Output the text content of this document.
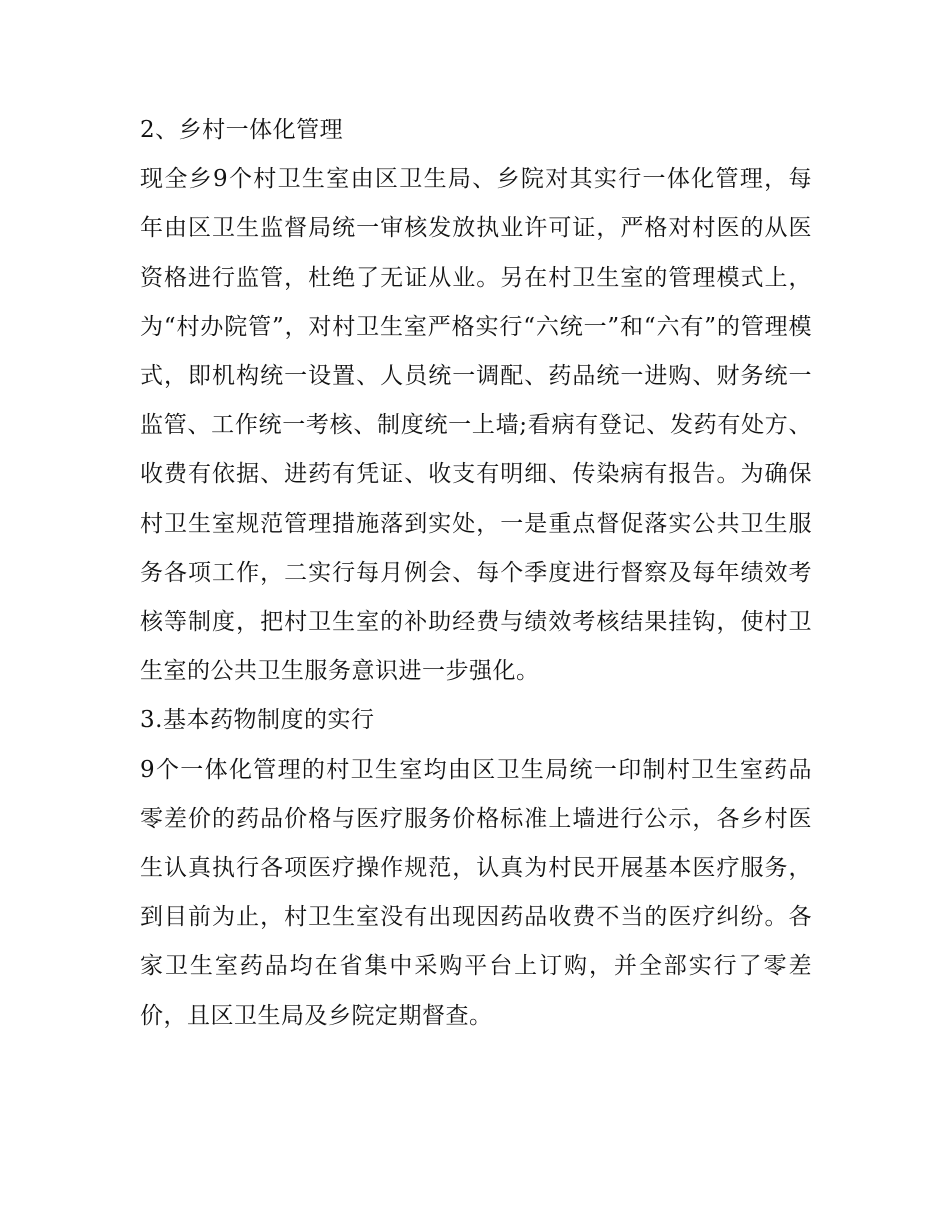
2、乡村一体化管理

现全乡9个村卫生室由区卫生局、乡院对其实行一体化管理，每年由区卫生监督局统一审核发放执业许可证，严格对村医的从医资格进行监管，杜绝了无证从业。另在村卫生室的管理模式上，为“村办院管”，对村卫生室严格实行“六统一”和“六有”的管理模式，即机构统一设置、人员统一调配、药品统一进购、财务统一监管、工作统一考核、制度统一上墙;看病有登记、发药有处方、收费有依据、进药有凭证、收支有明细、传染病有报告。为确保村卫生室规范管理措施落到实处，一是重点督促落实公共卫生服务各项工作，二实行每月例会、每个季度进行督察及每年绩效考核等制度，把村卫生室的补助经费与绩效考核结果挂钩，使村卫生室的公共卫生服务意识进一步强化。

3.基本药物制度的实行

9个一体化管理的村卫生室均由区卫生局统一印制村卫生室药品零差价的药品价格与医疗服务价格标准上墙进行公示，各乡村医生认真执行各项医疗操作规范，认真为村民开展基本医疗服务，到目前为止，村卫生室没有出现因药品收费不当的医疗纠纷。各家卫生室药品均在省集中采购平台上订购，并全部实行了零差价，且区卫生局及乡院定期督查。
